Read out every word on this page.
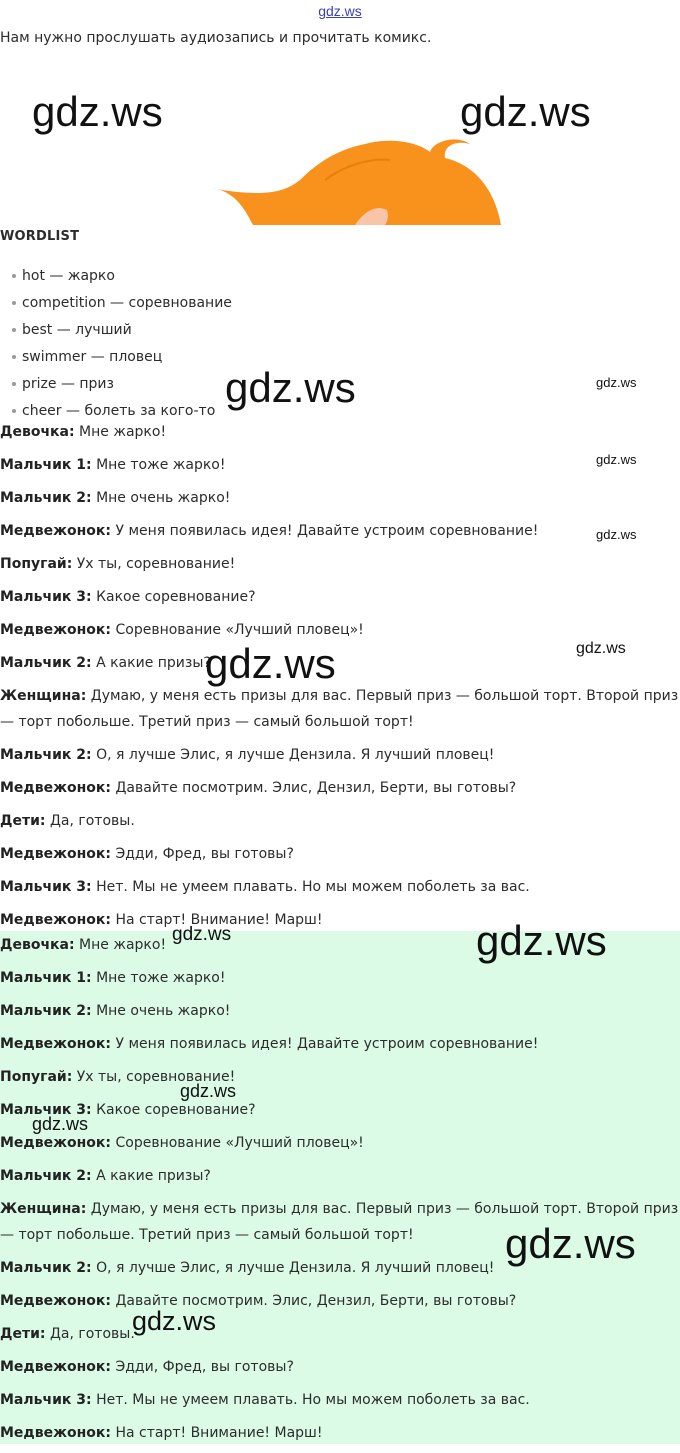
gdz.ws
Нам нужно прослушать аудиозапись и прочитать комикс.
WORDLIST
hot — жарко
competition — соревнование
best — лучший
swimmer — пловец
prize — приз
cheer — болеть за кого-то
Девочка: Мне жарко!
Мальчик 1: Мне тоже жарко!
Мальчик 2: Мне очень жарко!
Медвежонок: У меня появилась идея! Давайте устроим соревнование!
Попугай: Ух ты, соревнование!
Мальчик 3: Какое соревнование?
Медвежонок: Соревнование «Лучший пловец»!
Мальчик 2: А какие призы?
Женщина: Думаю, у меня есть призы для вас. Первый приз — большой торт. Второй приз — торт побольше. Третий приз — самый большой торт!
Мальчик 2: О, я лучше Элис, я лучше Дензила. Я лучший пловец!
Медвежонок: Давайте посмотрим. Элис, Дензил, Берти, вы готовы?
Дети: Да, готовы.
Медвежонок: Эдди, Фред, вы готовы?
Мальчик 3: Нет. Мы не умеем плавать. Но мы можем поболеть за вас.
Медвежонок: На старт! Внимание! Марш!
Девочка: Мне жарко!
Мальчик 1: Мне тоже жарко!
Мальчик 2: Мне очень жарко!
Медвежонок: У меня появилась идея! Давайте устроим соревнование!
Попугай: Ух ты, соревнование!
Мальчик 3: Какое соревнование?
Медвежонок: Соревнование «Лучший пловец»!
Мальчик 2: А какие призы?
Женщина: Думаю, у меня есть призы для вас. Первый приз — большой торт. Второй приз — торт побольше. Третий приз — самый большой торт!
Мальчик 2: О, я лучше Элис, я лучше Дензила. Я лучший пловец!
Медвежонок: Давайте посмотрим. Элис, Дензил, Берти, вы готовы?
Дети: Да, готовы.
Медвежонок: Эдди, Фред, вы готовы?
Мальчик 3: Нет. Мы не умеем плавать. Но мы можем поболеть за вас.
Медвежонок: На старт! Внимание! Марш!
gdz.ws	gdz.ws
gdz.ws	gdz.ws
gdz.ws
gdz.ws
gdz.ws	gdz.ws
gdz.ws	gdz.ws
gdz.ws
gdz.ws
gdz.ws
gdz.ws
